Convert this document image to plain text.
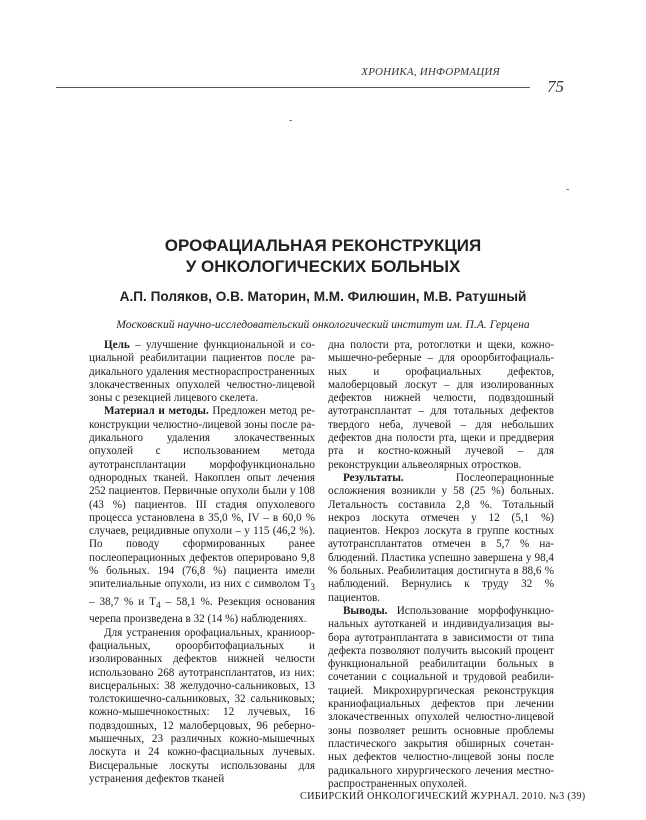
ХРОНИКА, ИНФОРМАЦИЯ
75
-
-
ОРОФАЦИАЛЬНАЯ РЕКОНСТРУКЦИЯ
У ОНКОЛОГИЧЕСКИХ БОЛЬНЫХ
А.П. Поляков, О.В. Маторин, М.М. Филюшин, М.В. Ратушный
Московский научно-исследовательский онкологический институт им. П.А. Герцена

Цель – улучшение функциональной и социальной реабилитации пациентов после радикального удаления местнораспространенных злокачественных опухолей челюстно-лицевой зоны с резекцией лицевого скелета.

Материал и методы. Предложен метод реконструкции челюстно-лицевой зоны после радикального удаления злокачественных опухолей с использованием метода аутотрансплантации морфофункционально однородных тканей. Накоплен опыт лечения 252 пациентов. Первичные опухоли были у 108 (43 %) пациентов. III стадия опухолевого процесса установлена в 35,0 %, IV – в 60,0 % случаев, рецидивные опухоли – у 115 (46,2 %). По поводу сформированных ранее послеоперационных дефектов оперировано 9,8 % больных. 194 (76,8 %) пациента имели эпителиальные опухоли, из них с символом $T_3 - 38,7$ % и $T_4 - 58,1$ %. Резекция основания черепа произведена в 32 (14 %) наблюдениях.

Для устранения орофациальных, краниоорфациальных, ороорбитофациальных и изолированных дефектов нижней челюсти использовано 268 аутотрансплантатов, из них: висцеральных: 38 желудочно-сальниковых, 13 толстокишечно-сальниковых, 32 сальниковых; кожно-мышечнокостных: 12 лучевых, 16 подвздошных, 12 малоберцовых, 96 реберно-мышечных, 23 различных кожно-мышечных лоскута и 24 кожно-фасциальных лучевых. Висцеральные лоскуты использованы для устранения дефектов тканей

дна полости рта, ротоглотки и щеки, кожно-мышечно-реберные – для ороорбитофациальных и орофациальных дефектов, малоберцовый лоскут – для изолированных дефектов нижней челюсти, подвздошный аутотрансплантат – для тотальных дефектов твердого неба, лучевой – для небольших дефектов дна полости рта, щеки и преддверия рта и костно-кожный лучевой – для реконструкции альвеолярных отростков.

Результаты. Послеоперационные осложнения возникли у 58 (25 %) больных. Летальность составила 2,8 %. Тотальный некроз лоскута отмечен у 12 (5,1 %) пациентов. Некроз лоскута в группе костных аутотрансплантатов отмечен в 5,7 % наблюдений. Пластика успешно завершена у 98,4 % больных. Реабилитация достигнута в 88,6 % наблюдений. Вернулись к труду 32 % пациентов.

Выводы. Использование морфофункциональных аутотканей и индивидуализация выбора аутотранплантата в зависимости от типа дефекта позволяют получить высокий процент функциональной реабилитации больных в сочетании с социальной и трудовой реабилитацией. Микрохирургическая реконструкция краниофациальных дефектов при лечении злокачественных опухолей челюстно-лицевой зоны позволяет решить основные проблемы пластического закрытия обширных сочетанных дефектов челюстно-лицевой зоны после радикального хирургического лечения местнораспространенных опухолей.

СИБИРСКИЙ ОНКОЛОГИЧЕСКИЙ ЖУРНАЛ. 2010. №3 (39)
